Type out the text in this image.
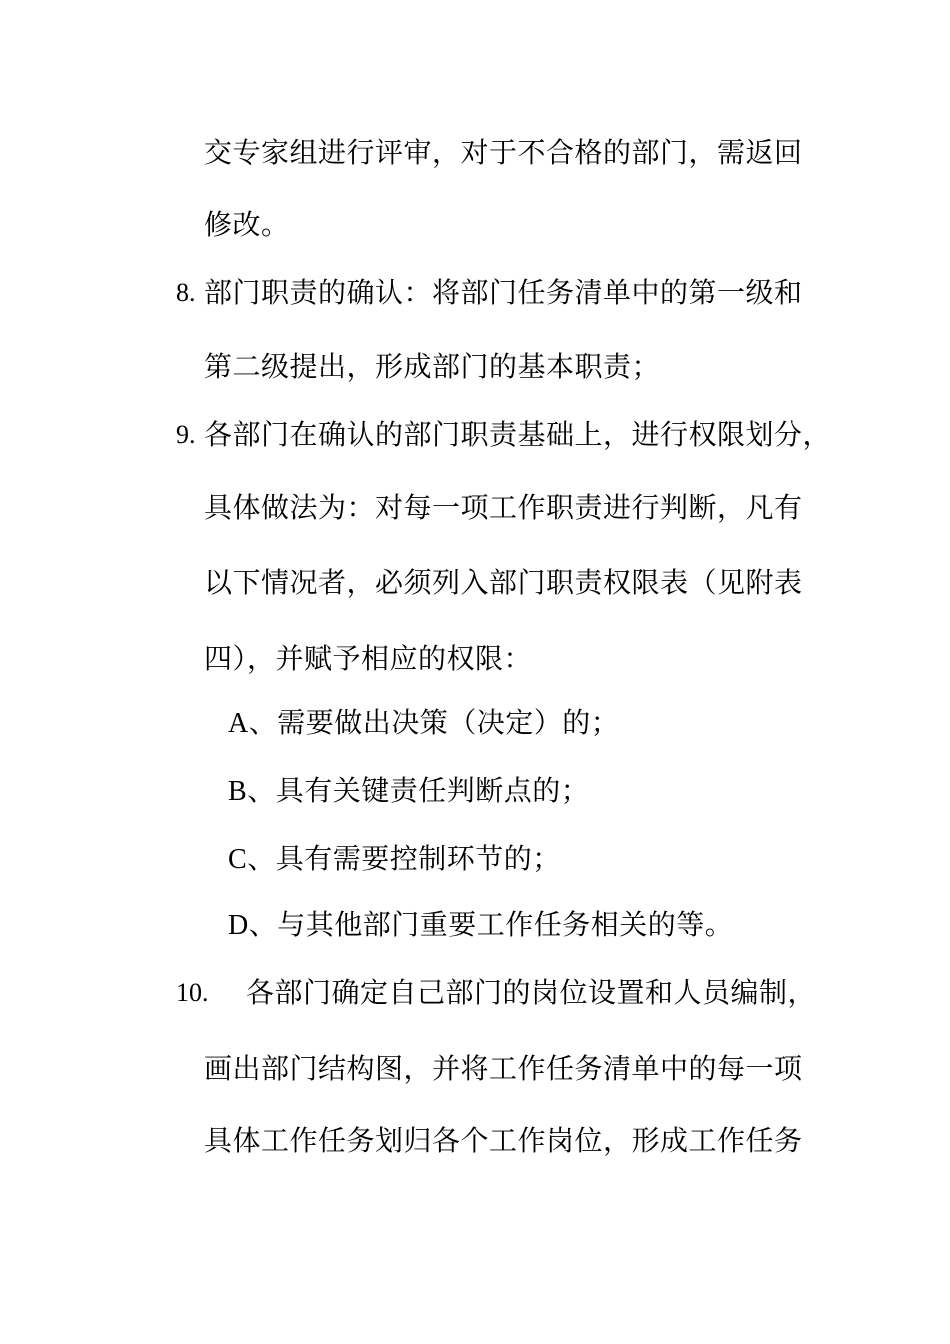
交专家组进行评审，对于不合格的部门，需返回
修改。
8. 部门职责的确认：将部门任务清单中的第一级和
第二级提出，形成部门的基本职责；
9. 各部门在确认的部门职责基础上，进行权限划分，
具体做法为：对每一项工作职责进行判断，凡有
以下情况者，必须列入部门职责权限表（见附表
四），并赋予相应的权限：
A、需要做出决策（决定）的；
B、具有关键责任判断点的；
C、具有需要控制环节的；
D、与其他部门重要工作任务相关的等。
10. 各部门确定自己部门的岗位设置和人员编制，
画出部门结构图，并将工作任务清单中的每一项
具体工作任务划归各个工作岗位，形成工作任务
